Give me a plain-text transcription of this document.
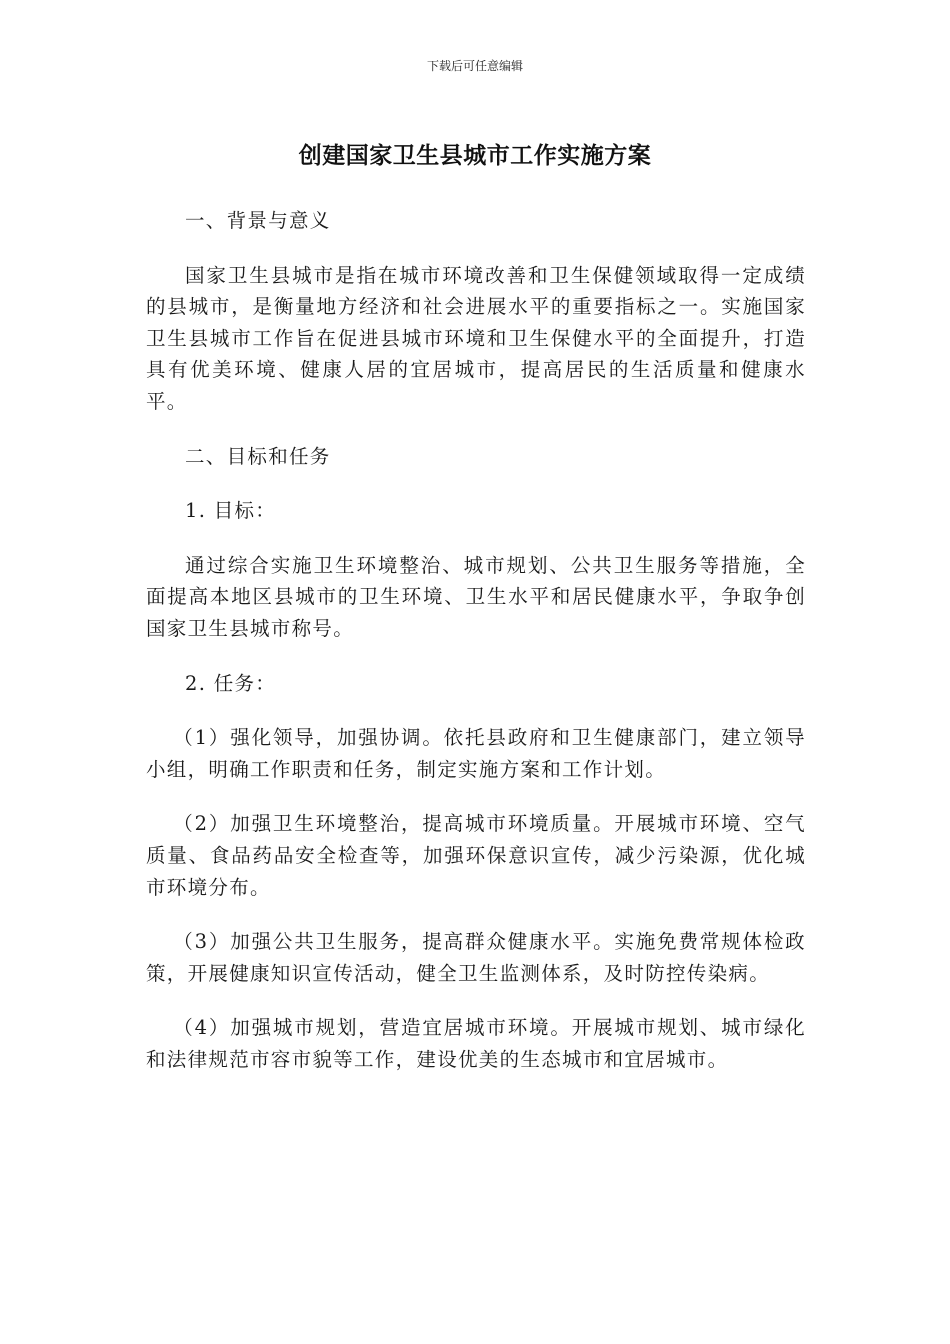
下载后可任意编辑
创建国家卫生县城市工作实施方案

一、背景与意义

国家卫生县城市是指在城市环境改善和卫生保健领域取得一定成绩的县城市，是衡量地方经济和社会进展水平的重要指标之一。实施国家卫生县城市工作旨在促进县城市环境和卫生保健水平的全面提升，打造具有优美环境、健康人居的宜居城市，提高居民的生活质量和健康水平。

二、目标和任务

1. 目标：

通过综合实施卫生环境整治、城市规划、公共卫生服务等措施，全面提高本地区县城市的卫生环境、卫生水平和居民健康水平，争取争创国家卫生县城市称号。

2. 任务：

（1）强化领导，加强协调。依托县政府和卫生健康部门，建立领导小组，明确工作职责和任务，制定实施方案和工作计划。

（2）加强卫生环境整治，提高城市环境质量。开展城市环境、空气质量、食品药品安全检查等，加强环保意识宣传，减少污染源，优化城市环境分布。

（3）加强公共卫生服务，提高群众健康水平。实施免费常规体检政策，开展健康知识宣传活动，健全卫生监测体系，及时防控传染病。

（4）加强城市规划，营造宜居城市环境。开展城市规划、城市绿化和法律规范市容市貌等工作，建设优美的生态城市和宜居城市。
